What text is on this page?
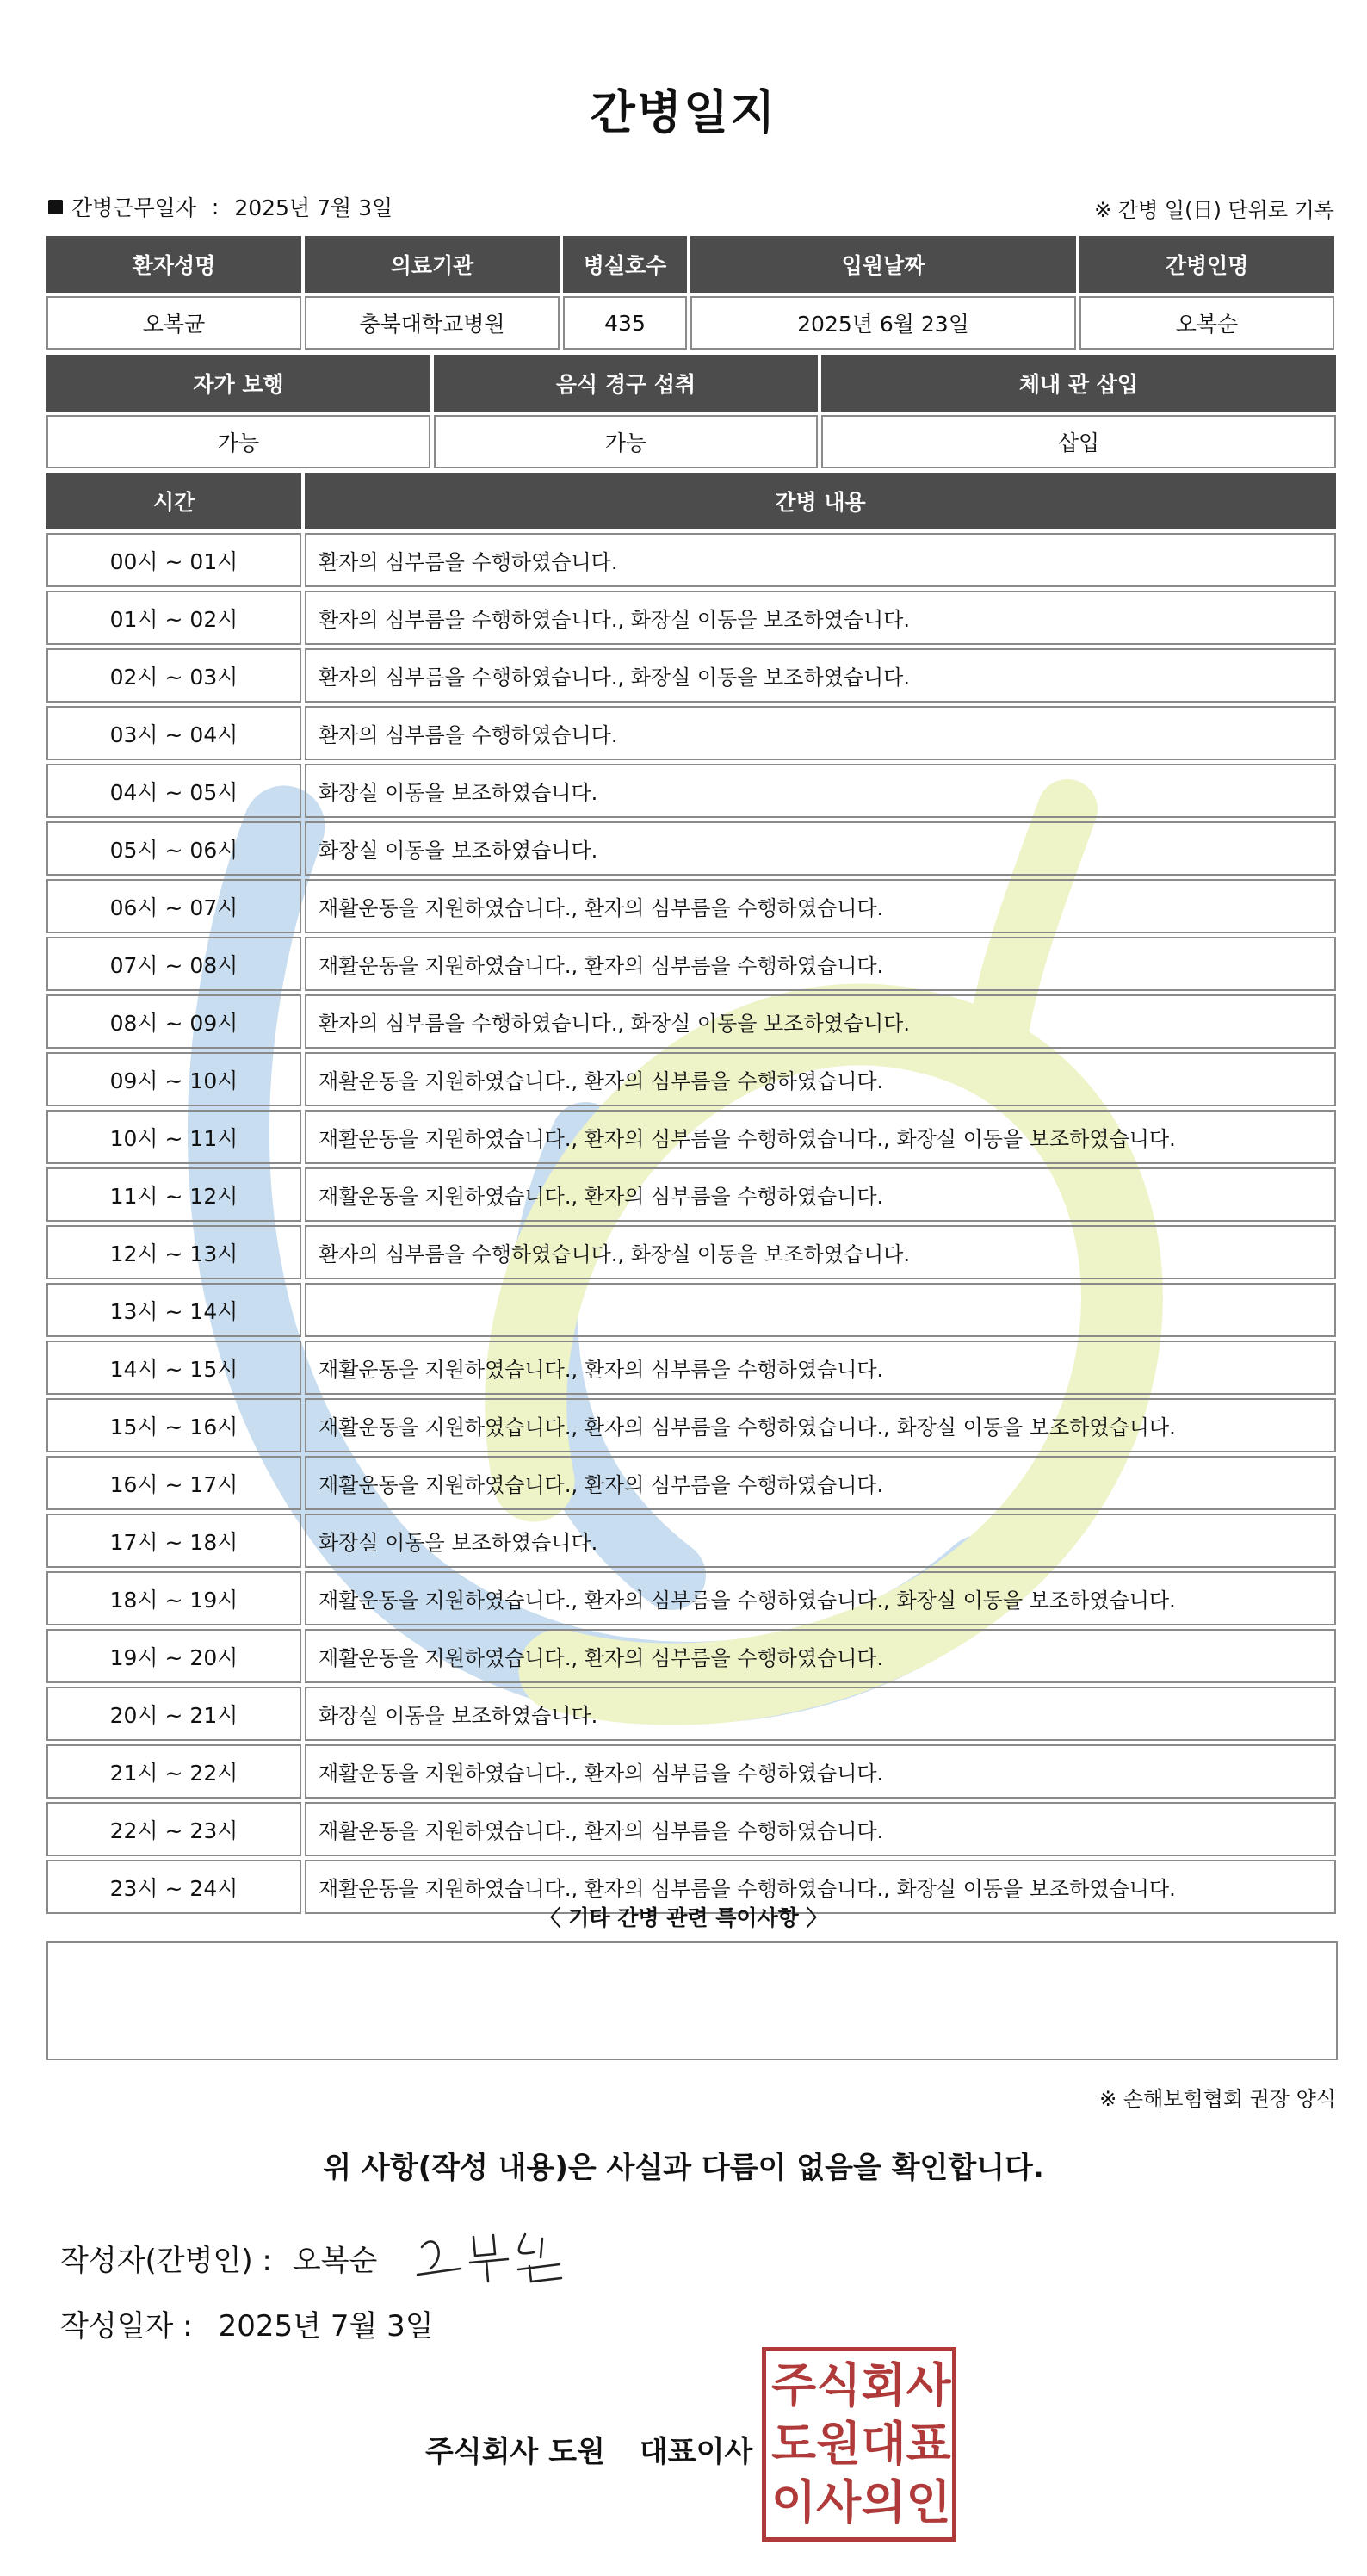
간병일지
간병근무일자 : 2025년 7월 3일	※ 간병 일(日) 단위로 기록
환자성명	의료기관	병실호수	입원날짜	간병인명
오복균	충북대학교병원	435	2025년 6월 23일	오복순
자가 보행	음식 경구 섭취	체내 관 삽입
가능	가능	삽입
시간	간병 내용
00시 ~ 01시	환자의 심부름을 수행하였습니다.
01시 ~ 02시	환자의 심부름을 수행하였습니다., 화장실 이동을 보조하였습니다.
02시 ~ 03시	환자의 심부름을 수행하였습니다., 화장실 이동을 보조하였습니다.
03시 ~ 04시	환자의 심부름을 수행하였습니다.
04시 ~ 05시	화장실 이동을 보조하였습니다.
05시 ~ 06시	화장실 이동을 보조하였습니다.
06시 ~ 07시	재활운동을 지원하였습니다., 환자의 심부름을 수행하였습니다.
07시 ~ 08시	재활운동을 지원하였습니다., 환자의 심부름을 수행하였습니다.
08시 ~ 09시	환자의 심부름을 수행하였습니다., 화장실 이동을 보조하였습니다.
09시 ~ 10시	재활운동을 지원하였습니다., 환자의 심부름을 수행하였습니다.
10시 ~ 11시	재활운동을 지원하였습니다., 환자의 심부름을 수행하였습니다., 화장실 이동을 보조하였습니다.
11시 ~ 12시	재활운동을 지원하였습니다., 환자의 심부름을 수행하였습니다.
12시 ~ 13시	환자의 심부름을 수행하였습니다., 화장실 이동을 보조하였습니다.
13시 ~ 14시	
14시 ~ 15시	재활운동을 지원하였습니다., 환자의 심부름을 수행하였습니다.
15시 ~ 16시	재활운동을 지원하였습니다., 환자의 심부름을 수행하였습니다., 화장실 이동을 보조하였습니다.
16시 ~ 17시	재활운동을 지원하였습니다., 환자의 심부름을 수행하였습니다.
17시 ~ 18시	화장실 이동을 보조하였습니다.
18시 ~ 19시	재활운동을 지원하였습니다., 환자의 심부름을 수행하였습니다., 화장실 이동을 보조하였습니다.
19시 ~ 20시	재활운동을 지원하였습니다., 환자의 심부름을 수행하였습니다.
20시 ~ 21시	화장실 이동을 보조하였습니다.
21시 ~ 22시	재활운동을 지원하였습니다., 환자의 심부름을 수행하였습니다.
22시 ~ 23시	재활운동을 지원하였습니다., 환자의 심부름을 수행하였습니다.
23시 ~ 24시	재활운동을 지원하였습니다., 환자의 심부름을 수행하였습니다., 화장실 이동을 보조하였습니다.
〈 기타 간병 관련 특이사항 〉
※ 손해보험협회 권장 양식
위 사항(작성 내용)은 사실과 다름이 없음을 확인합니다.
작성자(간병인) : 오복순
작성일자 : 2025년 7월 3일
주식회사 도원 대표이사
주 식 회 사
도 원 대 표
이 사 의 인
